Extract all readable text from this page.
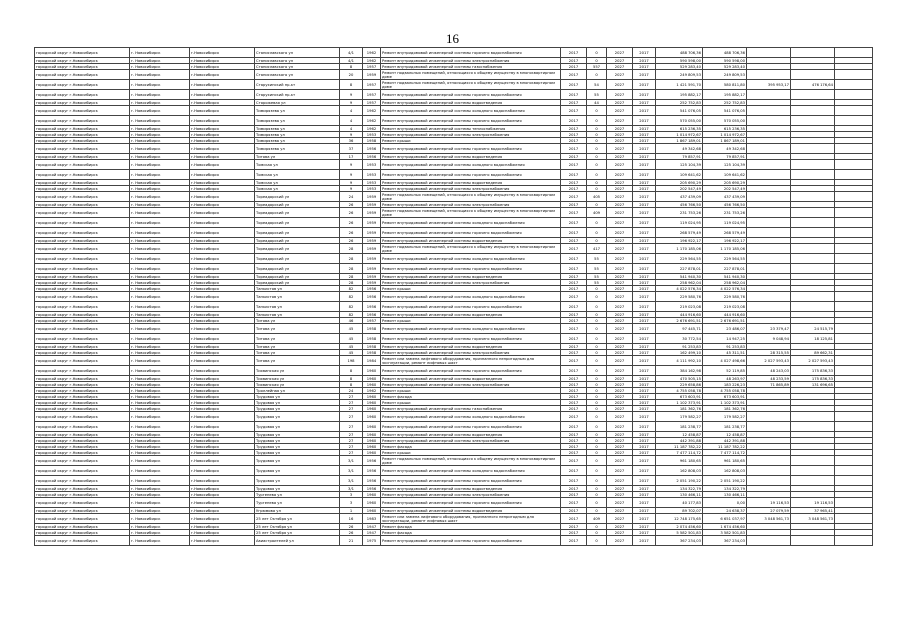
16
городской округ г.Новосибирск	г. Новосибирск	г.Новосибирск	Станиславского ул	4/1	1962	Ремонт внутридомовой инженерной системы горячего водоснабжения	2017	0	2027	2017	488 706,36	488 706,36			
городской округ г.Новосибирск	г. Новосибирск	г.Новосибирск	Станиславского ул	4/1	1962	Ремонт внутридомовой инженерной системы электроснабжения	2017	0	2027	2017	590 598,00	590 598,00			
городской округ г.Новосибирск	г. Новосибирск	г.Новосибирск	Станиславского ул	8	1957	Ремонт внутридомовой инженерной системы газоснабжения	2017	557	2027	2017	529 283,40	529 283,40			
городской округ г.Новосибирск	г. Новосибирск	г.Новосибирск	Станиславского ул	20	1959	Ремонт подвальных помещений, относящихся к общему имуществу в многоквартирном доме	2017	0	2027	2017	249 809,53	249 809,53			
городской округ г.Новосибирск	г. Новосибирск	г.Новосибирск	Старухинский пр-кт	8	1957	Ремонт подвальных помещений, относящихся к общему имуществу в многоквартирном доме	2017	54	2027	2017	1 421 591,70	580 811,80	395 953,17	476 176,64	
городской округ г.Новосибирск	г. Новосибирск	г.Новосибирск	Старухинский пр-кт	9	1957	Ремонт внутридомовой инженерной системы горячего водоснабжения	2017	55	2027	2017	195 882,17	195 882,17			
городской округ г.Новосибирск	г. Новосибирск	г.Новосибирск	Сторожевая ул	9	1957	Ремонт внутридомовой инженерной системы водоотведения	2017	44	2027	2017	252 752,83	252 752,83			
городской округ г.Новосибирск	г. Новосибирск	г.Новосибирск	Тимирязева ул	4	1962	Ремонт внутридомовой инженерной системы холодного водоснабжения	2017	0	2027	2017	541 076,05	541 076,05			
городской округ г.Новосибирск	г. Новосибирск	г.Новосибирск	Тимирязева ул	4	1962	Ремонт внутридомовой инженерной системы горячего водоснабжения	2017	0	2027	2017	570 055,00	570 055,00			
городской округ г.Новосибирск	г. Новосибирск	г.Новосибирск	Тимирязева ул	4	1962	Ремонт внутридомовой инженерной системы теплоснабжения	2017	0	2027	2017	615 236,35	615 236,35			
городской округ г.Новосибирск	г. Новосибирск	г.Новосибирск	Тимирязева ул	9	1953	Ремонт внутридомовой инженерной системы электроснабжения	2017	0	2027	2017	1 014 972,67	1 014 972,67			
городской округ г.Новосибирск	г. Новосибирск	г.Новосибирск	Тимирязева ул	36	1958	Ремонт крыши	2017	0	2027	2017	1 867 189,01	1 867 189,01			
городской округ г.Новосибирск	г. Новосибирск	г.Новосибирск	Тимирязева ул	37	1956	Ремонт внутридомовой инженерной системы горячего водоснабжения	2017	0	2027	2017	49 342,68	49 342,68			
городской округ г.Новосибирск	г. Новосибирск	г.Новосибирск	Титова ул	17	1956	Ремонт внутридомовой инженерной системы водоотведения	2017	0	2027	2017	79 857,91	79 857,91			
городской округ г.Новосибирск	г. Новосибирск	г.Новосибирск	Томская ул	9	1953	Ремонт внутридомовой инженерной системы холодного водоснабжения	2017	0	2027	2017	125 104,39	125 104,39			
городской округ г.Новосибирск	г. Новосибирск	г.Новосибирск	Томская ул	9	1953	Ремонт внутридомовой инженерной системы горячего водоснабжения	2017	0	2027	2017	109 641,62	109 641,62			
городской округ г.Новосибирск	г. Новосибирск	г.Новосибирск	Томская ул	9	1953	Ремонт внутридомовой инженерной системы водоотведения	2017	0	2027	2017	205 690,29	205 690,29			
городской округ г.Новосибирск	г. Новосибирск	г.Новосибирск	Томская ул	9	1953	Ремонт внутридомовой инженерной системы электроснабжения	2017	0	2027	2017	202 547,49	202 547,49			
городской округ г.Новосибирск	г. Новосибирск	г.Новосибирск	Тореадорский ул	24	1959	Ремонт подвальных помещений, относящихся к общему имуществу в многоквартирном доме	2017	405	2027	2017	437 439,09	437 439,09			
городской округ г.Новосибирск	г. Новосибирск	г.Новосибирск	Тореадорский ул	26	1959	Ремонт внутридомовой инженерной системы электроснабжения	2017	0	2027	2017	456 766,50	456 766,50			
городской округ г.Новосибирск	г. Новосибирск	г.Новосибирск	Тореадорский ул	26	1959	Ремонт подвальных помещений, относящихся к общему имуществу в многоквартирном доме	2017	409	2027	2017	231 753,26	231 753,26			
городской округ г.Новосибирск	г. Новосибирск	г.Новосибирск	Тореадорский ул	26	1959	Ремонт внутридомовой инженерной системы холодного водоснабжения	2017	0	2027	2017	119 024,95	119 024,95			
городской округ г.Новосибирск	г. Новосибирск	г.Новосибирск	Тореадорский ул	26	1959	Ремонт внутридомовой инженерной системы горячего водоснабжения	2017	0	2027	2017	268 579,49	268 579,49			
городской округ г.Новосибирск	г. Новосибирск	г.Новосибирск	Тореадорский ул	26	1959	Ремонт внутридомовой инженерной системы водоотведения	2017	0	2027	2017	196 922,17	196 922,17			
городской округ г.Новосибирск	г. Новосибирск	г.Новосибирск	Тореадорский ул	28	1959	Ремонт подвальных помещений, относящихся к общему имуществу в многоквартирном доме	2017	417	2027	2017	1 170 185,06	1 170 185,06			
городской округ г.Новосибирск	г. Новосибирск	г.Новосибирск	Тореадорский ул	28	1959	Ремонт внутридомовой инженерной системы холодного водоснабжения	2017	55	2027	2017	229 564,55	229 564,55			
городской округ г.Новосибирск	г. Новосибирск	г.Новосибирск	Тореадорский ул	28	1959	Ремонт внутридомовой инженерной системы горячего водоснабжения	2017	55	2027	2017	227 878,01	227 878,01			
городской округ г.Новосибирск	г. Новосибирск	г.Новосибирск	Тореадорский ул	28	1959	Ремонт внутридомовой инженерной системы водоотведения	2017	55	2027	2017	541 940,30	541 940,30			
городской округ г.Новосибирск	г. Новосибирск	г.Новосибирск	Тореадорский ул	28	1959	Ремонт внутридомовой инженерной системы электроснабжения	2017	55	2027	2017	258 962,04	258 962,04			
городской округ г.Новосибирск	г. Новосибирск	г.Новосибирск	Танкистов ул	82	1956	Ремонт крыши	2017	0	2027	2017	4 022 576,34	4 022 576,34			
городской округ г.Новосибирск	г. Новосибирск	г.Новосибирск	Танкистов ул	82	1956	Ремонт внутридомовой инженерной системы холодного водоснабжения	2017	0	2027	2017	229 580,76	229 580,76			
городской округ г.Новосибирск	г. Новосибирск	г.Новосибирск	Танкистов ул	82	1956	Ремонт внутридомовой инженерной системы горячего водоснабжения	2017	0	2027	2017	219 023,08	219 023,08			
городской округ г.Новосибирск	г. Новосибирск	г.Новосибирск	Танкистов ул	82	1956	Ремонт внутридомовой инженерной системы водоотведения	2017	0	2027	2017	444 916,60	444 916,60			
городской округ г.Новосибирск	г. Новосибирск	г.Новосибирск	Титова ул	46	1957	Ремонт крыши	2017	0	2027	2017	2 676 691,51	2 676 691,51			
городской округ г.Новосибирск	г. Новосибирск	г.Новосибирск	Титова ул	45	1958	Ремонт внутридомовой инженерной системы холодного водоснабжения	2017	0	2027	2017	97 445,71	23 486,07	23 379,47	24 515,79	
городской округ г.Новосибирск	г. Новосибирск	г.Новосибирск	Титова ул	45	1958	Ремонт внутридомовой инженерной системы горячего водоснабжения	2017	0	2027	2017	30 772,54	14 947,25	9 048,94	18 125,81	
городской округ г.Новосибирск	г. Новосибирск	г.Новосибирск	Титова ул	45	1958	Ремонт внутридомовой инженерной системы водоотведения	2017	0	2027	2017	91 253,83	91 253,83			
городской округ г.Новосибирск	г. Новосибирск	г.Новосибирск	Титова ул	45	1958	Ремонт внутридомовой инженерной системы электроснабжения	2017	0	2027	2017	162 499,10	45 311,51	28 315,55	89 662,31	
городской округ г.Новосибирск	г. Новосибирск	г.Новосибирск	Титова ул	198	1984	Ремонт или замена лифтового оборудования, признанного непригодным для эксплуатации, ремонт лифтовых шахт	2017	0	2027	2017	4 111 992,10	4 027 498,66	2 027 593,43	2 027 593,43	
городской округ г.Новосибирск	г. Новосибирск	г.Новосибирск	Тихвинская ул	8	1960	Ремонт внутридомовой инженерной системы горячего водоснабжения	2017	0	2027	2017	384 162,98	52 119,85	48 243,03	175 836,33	
городской округ г.Новосибирск	г. Новосибирск	г.Новосибирск	Тихвинская ул	8	1960	Ремонт внутридомовой инженерной системы водоотведения	2017	0	2027	2017	470 505,15	48 263,97	48 233,59	175 836,33	
городской округ г.Новосибирск	г. Новосибирск	г.Новосибирск	Тихвинская ул	8	1960	Ремонт внутридомовой инженерной системы электроснабжения	2017	0	2027	2017	229 658,86	183 226,23	71 865,89	131 696,65	
городской округ г.Новосибирск	г. Новосибирск	г.Новосибирск	Троллейная ул	24	1962	Ремонт крыши	2017	0	2027	2017	4 755 058,78	4 755 058,78			
городской округ г.Новосибирск	г. Новосибирск	г.Новосибирск	Трудовая ул	27	1960	Ремонт фасада	2017	0	2027	2017	673 603,91	673 603,91			
городской округ г.Новосибирск	г. Новосибирск	г.Новосибирск	Трудовая ул	27	1960	Ремонт крыши	2017	0	2027	2017	1 102 373,91	1 102 373,91			
городской округ г.Новосибирск	г. Новосибирск	г.Новосибирск	Трудовая ул	27	1960	Ремонт внутридомовой инженерной системы газоснабжения	2017	0	2027	2017	181 362,76	181 362,76			
городской округ г.Новосибирск	г. Новосибирск	г.Новосибирск	Трудовая ул	27	1960	Ремонт внутридомовой инженерной системы холодного водоснабжения	2017	0	2027	2017	179 582,27	179 582,27			
городской округ г.Новосибирск	г. Новосибирск	г.Новосибирск	Трудовая ул	27	1960	Ремонт внутридомовой инженерной системы горячего водоснабжения	2017	0	2027	2017	181 238,77	181 238,77			
городской округ г.Новосибирск	г. Новосибирск	г.Новосибирск	Трудовая ул	27	1960	Ремонт внутридомовой инженерной системы водоотведения	2017	0	2027	2017	12 458,87	12 458,87			
городской округ г.Новосибирск	г. Новосибирск	г.Новосибирск	Трудовая ул	27	1960	Ремонт внутридомовой инженерной системы электроснабжения	2017	0	2027	2017	442 391,88	442 391,88			
городской округ г.Новосибирск	г. Новосибирск	г.Новосибирск	Трудовая ул	27	1960	Ремонт фасада	2017	0	2027	2017	11 187 782,22	11 187 782,22			
городской округ г.Новосибирск	г. Новосибирск	г.Новосибирск	Трудовая ул	27	1960	Ремонт крыши	2017	0	2027	2017	7 477 114,72	7 477 114,72			
городской округ г.Новосибирск	г. Новосибирск	г.Новосибирск	Трудовая ул	3/1	1956	Ремонт подвальных помещений, относящихся к общему имуществу в многоквартирном доме	2017	0	2027	2017	961 180,65	961 180,65			
городской округ г.Новосибирск	г. Новосибирск	г.Новосибирск	Трудовая ул	3/1	1956	Ремонт внутридомовой инженерной системы холодного водоснабжения	2017	0	2027	2017	162 808,03	162 808,03			
городской округ г.Новосибирск	г. Новосибирск	г.Новосибирск	Трудовая ул	3/1	1956	Ремонт внутридомовой инженерной системы горячего водоснабжения	2017	0	2027	2017	2 051 190,22	2 051 190,22			
городской округ г.Новосибирск	г. Новосибирск	г.Новосибирск	Трудовая ул	3/1	1956	Ремонт внутридомовой инженерной системы водоотведения	2017	0	2027	2017	134 322,79	134 322,79			
городской округ г.Новосибирск	г. Новосибирск	г.Новосибирск	Тургенева ул	3	1960	Ремонт внутридомовой инженерной системы электроснабжения	2017	0	2027	2017	130 466,11	130 466,11			
городской округ г.Новосибирск	г. Новосибирск	г.Новосибирск	Тургенева ул	3	1960	Ремонт внутридомовой инженерной системы горячего водоснабжения	2017	0	2027	2017	40 177,83	0,00	19 116,53	19 116,53	
городской округ г.Новосибирск	г. Новосибирск	г.Новосибирск	Угрюмова ул	1	1960	Ремонт внутридомовой инженерной системы водоотведения	2017	0	2027	2017	89 702,07	24 638,37	27 079,59	37 965,41	
городской округ г.Новосибирск	г. Новосибирск	г.Новосибирск	25 лет Октября ул	16	1983	Ремонт или замена лифтового оборудования, признанного непригодным для эксплуатации, ремонт лифтовых шахт	2017	409	2027	2017	12 748 175,65	6 651 037,97	3 048 561,73	3 048 561,73	
городской округ г.Новосибирск	г. Новосибирск	г.Новосибирск	25 лет Октября ул	26	1947	Ремонт фасада	2017	0	2027	2017	2 074 456,60	1 674 456,60			
городской округ г.Новосибирск	г. Новосибирск	г.Новосибирск	25 лет Октября ул	26	1947	Ремонт фасада	2017	0	2027	2017	5 582 501,83	3 582 501,83			
городской округ г.Новосибирск	г. Новосибирск	г.Новосибирск	Авиастроителей ул	21	1975	Ремонт внутридомовой инженерной системы горячего водоснабжения	2017	0	2027	2017	367 234,03	367 234,03			
